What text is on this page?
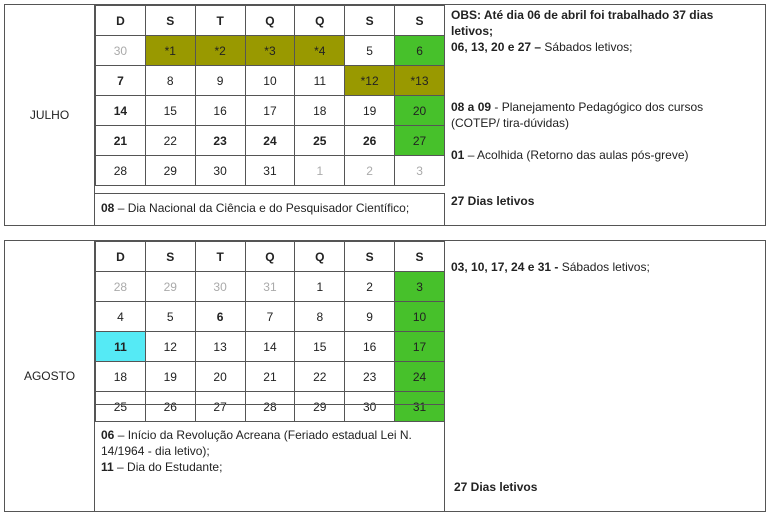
JULHO
D	S	T	Q	Q	S	S
30	*1	*2	*3	*4	5	6
7	8	9	10	11	*12	*13
14	15	16	17	18	19	20
21	22	23	24	25	26	27
28	29	30	31	1	2	3
08 – Dia Nacional da Ciência e do Pesquisador Científico;

OBS: Até dia 06 de abril foi trabalhado 37 dias letivos;

06, 13, 20 e 27 – Sábados letivos;

08 a 09 - Planejamento Pedagógico dos cursos (COTEP/ tira-dúvidas)

01 – Acolhida (Retorno das aulas pós-greve)

27 Dias letivos

AGOSTO
D	S	T	Q	Q	S	S
28	29	30	31	1	2	3
4	5	6	7	8	9	10
11	12	13	14	15	16	17
18	19	20	21	22	23	24
25	26	27	28	29	30	31
06 – Início da Revolução Acreana (Feriado estadual Lei N. 14/1964 - dia letivo);
11 – Dia do Estudante;

03, 10, 17, 24 e 31 - Sábados letivos;

27 Dias letivos
